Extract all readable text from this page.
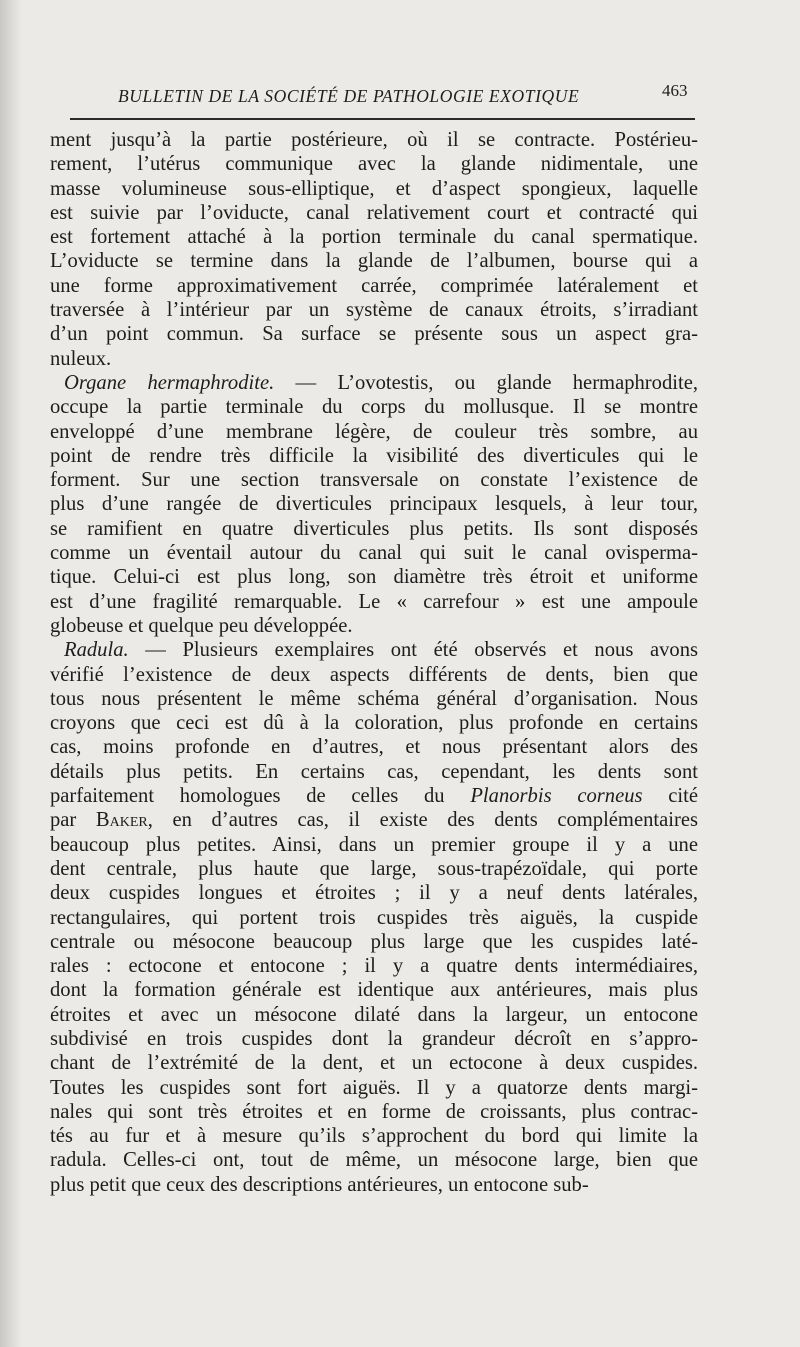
BULLETIN DE LA SOCIÉTÉ DE PATHOLOGIE EXOTIQUE	463
ment jusqu’à la partie postérieure, où il se contracte. Postérieu-
rement, l’utérus communique avec la glande nidimentale, une
masse volumineuse sous-elliptique, et d’aspect spongieux, laquelle
est suivie par l’oviducte, canal relativement court et contracté qui
est fortement attaché à la portion terminale du canal spermatique.
L’oviducte se termine dans la glande de l’albumen, bourse qui a
une forme approximativement carrée, comprimée latéralement et
traversée à l’intérieur par un système de canaux étroits, s’irradiant
d’un point commun. Sa surface se présente sous un aspect gra-
nuleux.
Organe hermaphrodite. — L’ovotestis, ou glande hermaphrodite,
occupe la partie terminale du corps du mollusque. Il se montre
enveloppé d’une membrane légère, de couleur très sombre, au
point de rendre très difficile la visibilité des diverticules qui le
forment. Sur une section transversale on constate l’existence de
plus d’une rangée de diverticules principaux lesquels, à leur tour,
se ramifient en quatre diverticules plus petits. Ils sont disposés
comme un éventail autour du canal qui suit le canal ovisperma-
tique. Celui-ci est plus long, son diamètre très étroit et uniforme
est d’une fragilité remarquable. Le « carrefour » est une ampoule
globeuse et quelque peu développée.
Radula. — Plusieurs exemplaires ont été observés et nous avons
vérifié l’existence de deux aspects différents de dents, bien que
tous nous présentent le même schéma général d’organisation. Nous
croyons que ceci est dû à la coloration, plus profonde en certains
cas, moins profonde en d’autres, et nous présentant alors des
détails plus petits. En certains cas, cependant, les dents sont
parfaitement homologues de celles du Planorbis corneus cité
par Baker, en d’autres cas, il existe des dents complémentaires
beaucoup plus petites. Ainsi, dans un premier groupe il y a une
dent centrale, plus haute que large, sous-trapézoïdale, qui porte
deux cuspides longues et étroites ; il y a neuf dents latérales,
rectangulaires, qui portent trois cuspides très aiguës, la cuspide
centrale ou mésocone beaucoup plus large que les cuspides laté-
rales : ectocone et entocone ; il y a quatre dents intermédiaires,
dont la formation générale est identique aux antérieures, mais plus
étroites et avec un mésocone dilaté dans la largeur, un entocone
subdivisé en trois cuspides dont la grandeur décroît en s’appro-
chant de l’extrémité de la dent, et un ectocone à deux cuspides.
Toutes les cuspides sont fort aiguës. Il y a quatorze dents margi-
nales qui sont très étroites et en forme de croissants, plus contrac-
tés au fur et à mesure qu’ils s’approchent du bord qui limite la
radula. Celles-ci ont, tout de même, un mésocone large, bien que
plus petit que ceux des descriptions antérieures, un entocone sub-
